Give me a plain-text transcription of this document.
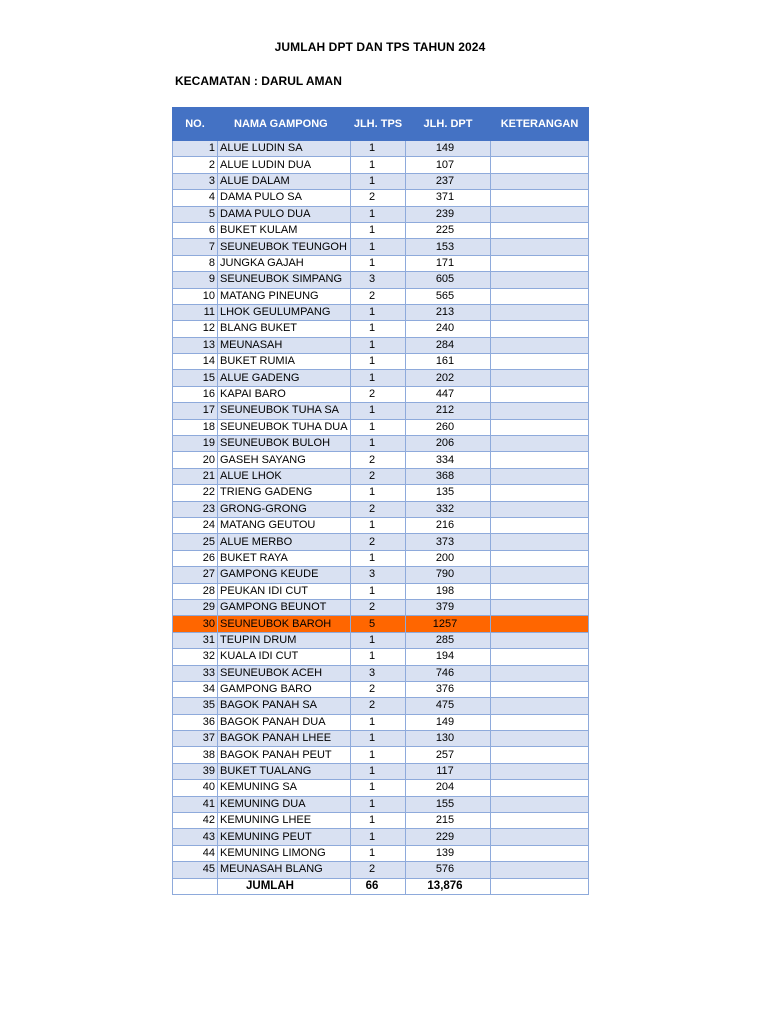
JUMLAH DPT DAN TPS TAHUN 2024
KECAMATAN : DARUL AMAN
NO.	NAMA GAMPONG	JLH. TPS	JLH. DPT	KETERANGAN
1	ALUE LUDIN SA	1	149	
2	ALUE LUDIN DUA	1	107	
3	ALUE DALAM	1	237	
4	DAMA PULO SA	2	371	
5	DAMA PULO DUA	1	239	
6	BUKET KULAM	1	225	
7	SEUNEUBOK TEUNGOH	1	153	
8	JUNGKA GAJAH	1	171	
9	SEUNEUBOK SIMPANG	3	605	
10	MATANG PINEUNG	2	565	
11	LHOK GEULUMPANG	1	213	
12	BLANG BUKET	1	240	
13	MEUNASAH	1	284	
14	BUKET RUMIA	1	161	
15	ALUE GADENG	1	202	
16	KAPAI BARO	2	447	
17	SEUNEUBOK TUHA SA	1	212	
18	SEUNEUBOK TUHA DUA	1	260	
19	SEUNEUBOK BULOH	1	206	
20	GASEH SAYANG	2	334	
21	ALUE LHOK	2	368	
22	TRIENG GADENG	1	135	
23	GRONG-GRONG	2	332	
24	MATANG GEUTOU	1	216	
25	ALUE MERBO	2	373	
26	BUKET RAYA	1	200	
27	GAMPONG KEUDE	3	790	
28	PEUKAN IDI CUT	1	198	
29	GAMPONG BEUNOT	2	379	
30	SEUNEUBOK BAROH	5	1257	
31	TEUPIN DRUM	1	285	
32	KUALA IDI CUT	1	194	
33	SEUNEUBOK ACEH	3	746	
34	GAMPONG BARO	2	376	
35	BAGOK PANAH SA	2	475	
36	BAGOK PANAH DUA	1	149	
37	BAGOK PANAH LHEE	1	130	
38	BAGOK PANAH PEUT	1	257	
39	BUKET TUALANG	1	117	
40	KEMUNING SA	1	204	
41	KEMUNING DUA	1	155	
42	KEMUNING LHEE	1	215	
43	KEMUNING PEUT	1	229	
44	KEMUNING LIMONG	1	139	
45	MEUNASAH BLANG	2	576	
	JUMLAH	66	13,876	
